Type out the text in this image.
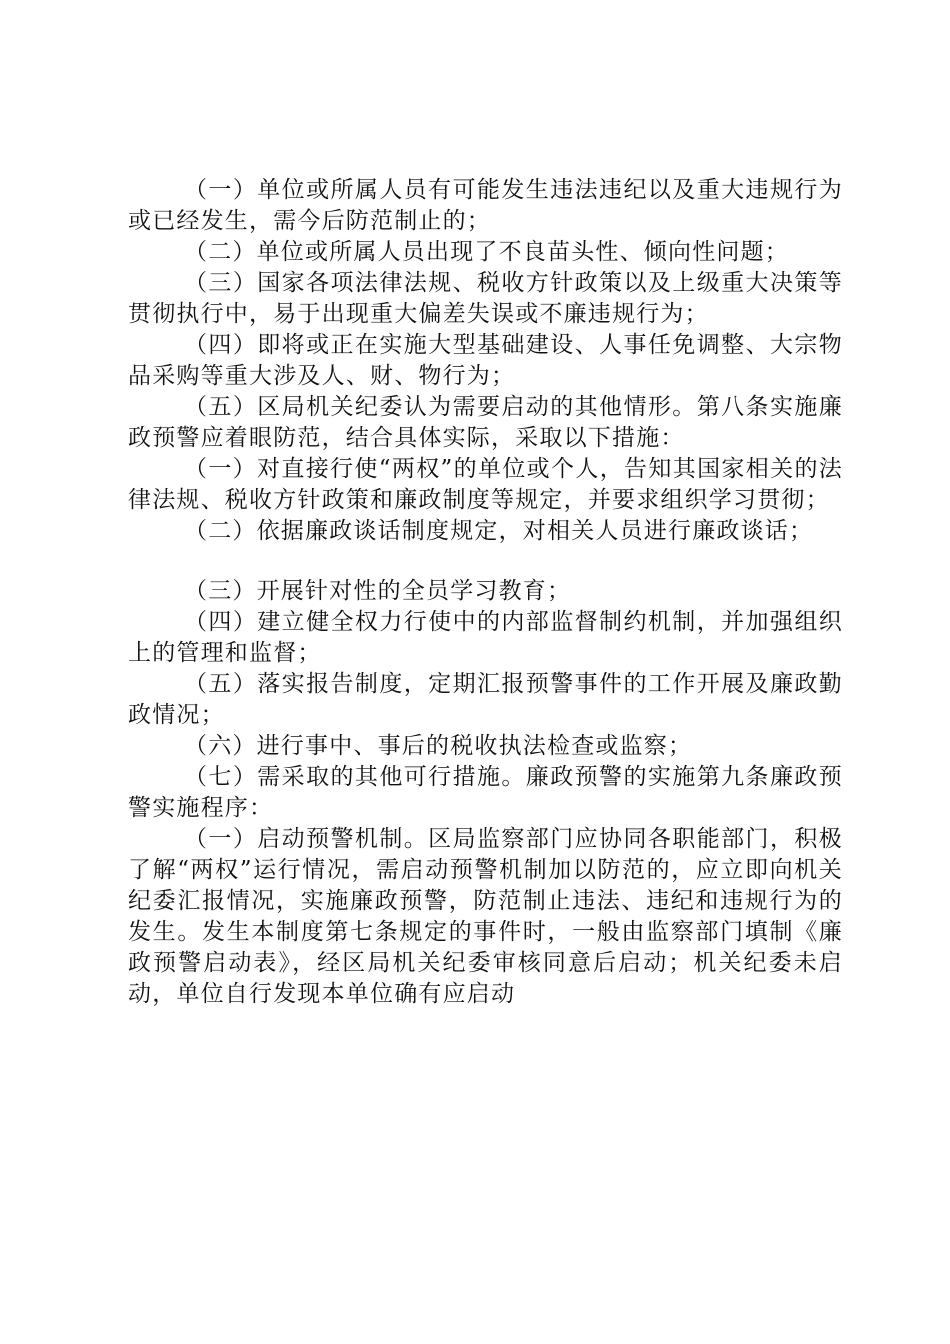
（一）单位或所属人员有可能发生违法违纪以及重大违规行为或已经发生，需今后防范制止的；

（二）单位或所属人员出现了不良苗头性、倾向性问题；

（三）国家各项法律法规、税收方针政策以及上级重大决策等贯彻执行中，易于出现重大偏差失误或不廉违规行为；

（四）即将或正在实施大型基础建设、人事任免调整、大宗物品采购等重大涉及人、财、物行为；

（五）区局机关纪委认为需要启动的其他情形。第八条实施廉政预警应着眼防范，结合具体实际，采取以下措施：

（一）对直接行使“两权”的单位或个人，告知其国家相关的法律法规、税收方针政策和廉政制度等规定，并要求组织学习贯彻；

（二）依据廉政谈话制度规定，对相关人员进行廉政谈话；

（三）开展针对性的全员学习教育；

（四）建立健全权力行使中的内部监督制约机制，并加强组织上的管理和监督；

（五）落实报告制度，定期汇报预警事件的工作开展及廉政勤政情况；

（六）进行事中、事后的税收执法检查或监察；

（七）需采取的其他可行措施。廉政预警的实施第九条廉政预警实施程序：

（一）启动预警机制。区局监察部门应协同各职能部门，积极了解“两权”运行情况，需启动预警机制加以防范的，应立即向机关纪委汇报情况，实施廉政预警，防范制止违法、违纪和违规行为的发生。发生本制度第七条规定的事件时，一般由监察部门填制《廉政预警启动表》，经区局机关纪委审核同意后启动；机关纪委未启动，单位自行发现本单位确有应启动
